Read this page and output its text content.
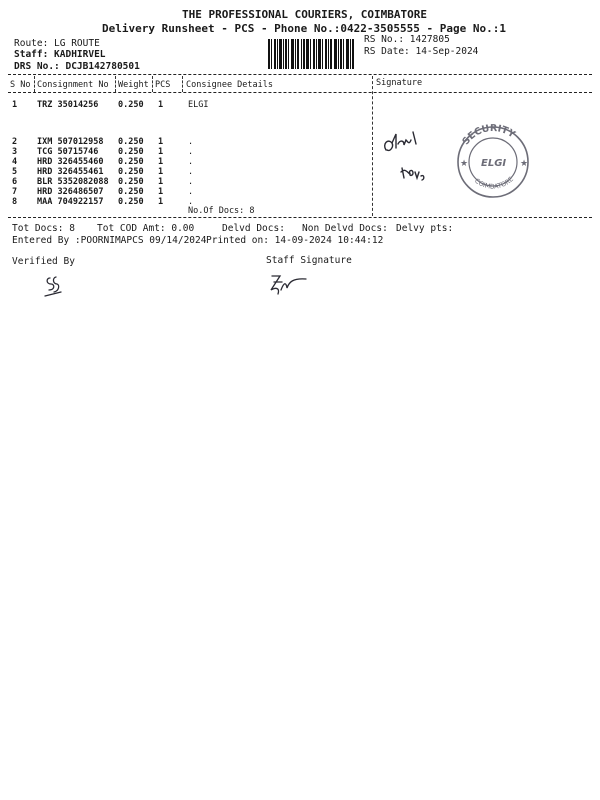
THE PROFESSIONAL COURIERS, COIMBATORE
Delivery Runsheet - PCS - Phone No.:0422-3505555 - Page No.:1
Route: LG ROUTE
Staff: KADHIRVEL
DRS No.: DCJB142780501
RS No.: 1427805
RS Date: 14-Sep-2024
S No Consignment No Weight PCS Consignee Details	Signature
1 TRZ 35014256 0.250 1	ELGI
2 IXM 507012958 0.250 1	.
3 TCG 50715746 0.250 1	.
4 HRD 326455460 0.250 1	.
5 HRD 326455461 0.250 1	.
6 BLR 5352082088 0.250 1	.
7 HRD 326486507 0.250 1	.
8 MAA 704922157 0.250 1	.
No.Of Docs: 8
SECURITY
ELGI
COIMBATORE
★	★
Tot Docs: 8 Tot COD Amt: 0.00	Delvd Docs: Non Delvd Docs: Delvy pts:
Entered By :POORNIMAPCS 09/14/2024 Printed on: 14-09-2024 10:44:12
Verified By	Staff Signature
